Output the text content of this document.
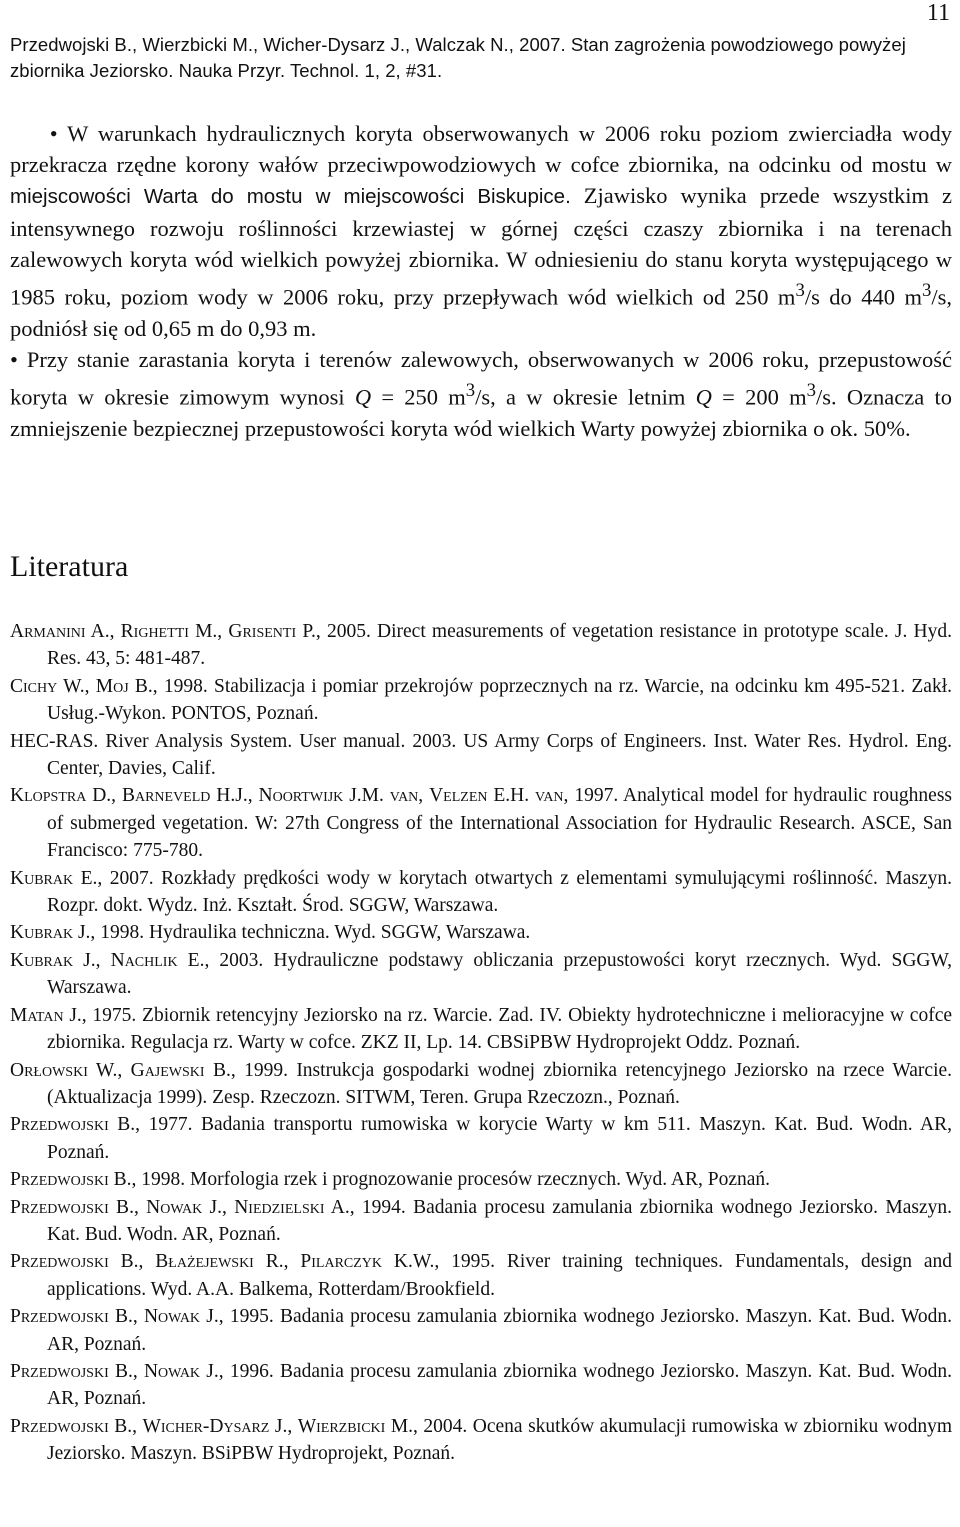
11
Przedwojski B., Wierzbicki M., Wicher-Dysarz J., Walczak N., 2007. Stan zagrożenia powodziowego powyżej zbiornika Jeziorsko. Nauka Przyr. Technol. 1, 2, #31.

• W warunkach hydraulicznych koryta obserwowanych w 2006 roku poziom zwierciadła wody przekracza rzędne korony wałów przeciwpowodziowych w cofce zbiornika, na odcinku od mostu w miejscowości Warta do mostu w miejscowości Biskupice. Zjawisko wynika przede wszystkim z intensywnego rozwoju roślinności krzewiastej w górnej części czaszy zbiornika i na terenach zalewowych koryta wód wielkich powyżej zbiornika. W odniesieniu do stanu koryta występującego w 1985 roku, poziom wody w 2006 roku, przy przepływach wód wielkich od 250 $m^3/s$ do 440 $m^3/s$, podniósł się od 0,65 m do 0,93 m.

• Przy stanie zarastania koryta i terenów zalewowych, obserwowanych w 2006 roku, przepustowość koryta w okresie zimowym wynosi Q = 250 $m^3/s$, a w okresie letnim Q = 200 $m^3/s$. Oznacza to zmniejszenie bezpiecznej przepustowości koryta wód wielkich Warty powyżej zbiornika o ok. 50%.

Literatura
Armanini A., Righetti M., Grisenti P., 2005. Direct measurements of vegetation resistance in prototype scale. J. Hyd. Res. 43, 5: 481-487.
Cichy W., Moj B., 1998. Stabilizacja i pomiar przekrojów poprzecznych na rz. Warcie, na odcinku km 495-521. Zakł. Usług.-Wykon. PONTOS, Poznań.
HEC-RAS. River Analysis System. User manual. 2003. US Army Corps of Engineers. Inst. Water Res. Hydrol. Eng. Center, Davies, Calif.
Klopstra D., Barneveld H.J., Noortwijk J.M. van, Velzen E.H. van, 1997. Analytical model for hydraulic roughness of submerged vegetation. W: 27th Congress of the International Association for Hydraulic Research. ASCE, San Francisco: 775-780.
Kubrak E., 2007. Rozkłady prędkości wody w korytach otwartych z elementami symulującymi roślinność. Maszyn. Rozpr. dokt. Wydz. Inż. Kształt. Środ. SGGW, Warszawa.
Kubrak J., 1998. Hydraulika techniczna. Wyd. SGGW, Warszawa.
Kubrak J., Nachlik E., 2003. Hydrauliczne podstawy obliczania przepustowości koryt rzecznych. Wyd. SGGW, Warszawa.
Matan J., 1975. Zbiornik retencyjny Jeziorsko na rz. Warcie. Zad. IV. Obiekty hydrotechniczne i melioracyjne w cofce zbiornika. Regulacja rz. Warty w cofce. ZKZ II, Lp. 14. CBSiPBW Hydroprojekt Oddz. Poznań.
Orłowski W., Gajewski B., 1999. Instrukcja gospodarki wodnej zbiornika retencyjnego Jeziorsko na rzece Warcie. (Aktualizacja 1999). Zesp. Rzeczozn. SITWM, Teren. Grupa Rzeczozn., Poznań.
Przedwojski B., 1977. Badania transportu rumowiska w korycie Warty w km 511. Maszyn. Kat. Bud. Wodn. AR, Poznań.
Przedwojski B., 1998. Morfologia rzek i prognozowanie procesów rzecznych. Wyd. AR, Poznań.
Przedwojski B., Nowak J., Niedzielski A., 1994. Badania procesu zamulania zbiornika wodnego Jeziorsko. Maszyn. Kat. Bud. Wodn. AR, Poznań.
Przedwojski B., Błażejewski R., Pilarczyk K.W., 1995. River training techniques. Fundamentals, design and applications. Wyd. A.A. Balkema, Rotterdam/Brookfield.
Przedwojski B., Nowak J., 1995. Badania procesu zamulania zbiornika wodnego Jeziorsko. Maszyn. Kat. Bud. Wodn. AR, Poznań.
Przedwojski B., Nowak J., 1996. Badania procesu zamulania zbiornika wodnego Jeziorsko. Maszyn. Kat. Bud. Wodn. AR, Poznań.
Przedwojski B., Wicher-Dysarz J., Wierzbicki M., 2004. Ocena skutków akumulacji rumowiska w zbiorniku wodnym Jeziorsko. Maszyn. BSiPBW Hydroprojekt, Poznań.
